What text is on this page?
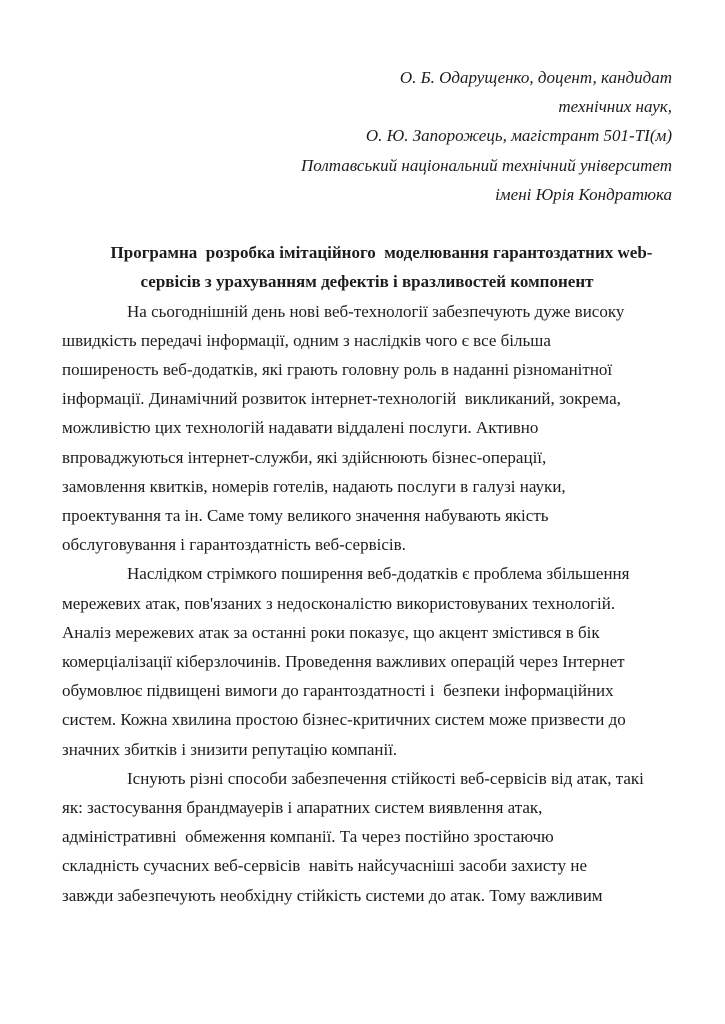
О. Б. Одарущенко, доцент, кандидат
технічних наук,
О. Ю. Запорожець, магістрант 501-ТІ(м)
Полтавський національний технічний університет
імені Юрія Кондратюка
Програмна  розробка імітаційного  моделювання гарантоздатних web-
сервісів з урахуванням дефектів і вразливостей компонент
На сьогоднішній день нові веб-технології забезпечують дуже високу
швидкість передачі інформації, одним з наслідків чого є все більша
поширеность веб-додатків, які грають головну роль в наданні різноманітної
інформації. Динамічний розвиток інтернет-технологій  викликаний, зокрема,
можливістю цих технологій надавати віддалені послуги. Активно
впроваджуються інтернет-служби, які здійснюють бізнес-операції,
замовлення квитків, номерів готелів, надають послуги в галузі науки,
проектування та ін. Саме тому великого значення набувають якість
обслуговування і гарантоздатність веб-сервісів.
Наслідком стрімкого поширення веб-додатків є проблема збільшення
мережевих атак, пов'язаних з недосконалістю використовуваних технологій.
Аналіз мережевих атак за останні роки показує, що акцент змістився в бік
комерціалізації кіберзлочинів. Проведення важливих операцій через Інтернет
обумовлює підвищені вимоги до гарантоздатності і  безпеки інформаційних
систем. Кожна хвилина простою бізнес-критичних систем може призвести до
значних збитків і знизити репутацію компанії.
Існують різні способи забезпечення стійкості веб-сервісів від атак, такі
як: застосування брандмауерів і апаратних систем виявлення атак,
адміністративні  обмеження компанії. Та через постійно зростаючю
складність сучасних веб-сервісів  навіть найсучасніші засоби захисту не
завжди забезпечують необхідну стійкість системи до атак. Тому важливим
